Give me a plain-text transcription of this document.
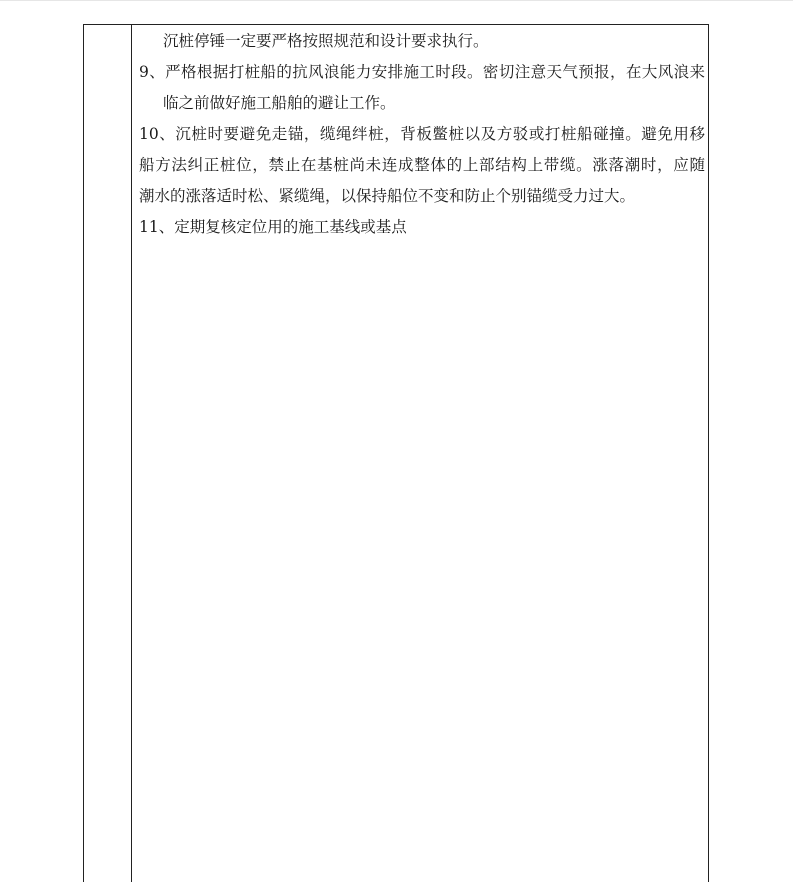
沉桩停锤一定要严格按照规范和设计要求执行。
9、严格根据打桩船的抗风浪能力安排施工时段。密切注意天气预报，在大风浪来
临之前做好施工船舶的避让工作。
10、沉桩时要避免走锚，缆绳绊桩，背板鳖桩以及方驳或打桩船碰撞。避免用移
船方法纠正桩位，禁止在基桩尚未连成整体的上部结构上带缆。涨落潮时，应随
潮水的涨落适时松、紧缆绳，以保持船位不变和防止个别锚缆受力过大。
11、定期复核定位用的施工基线或基点
